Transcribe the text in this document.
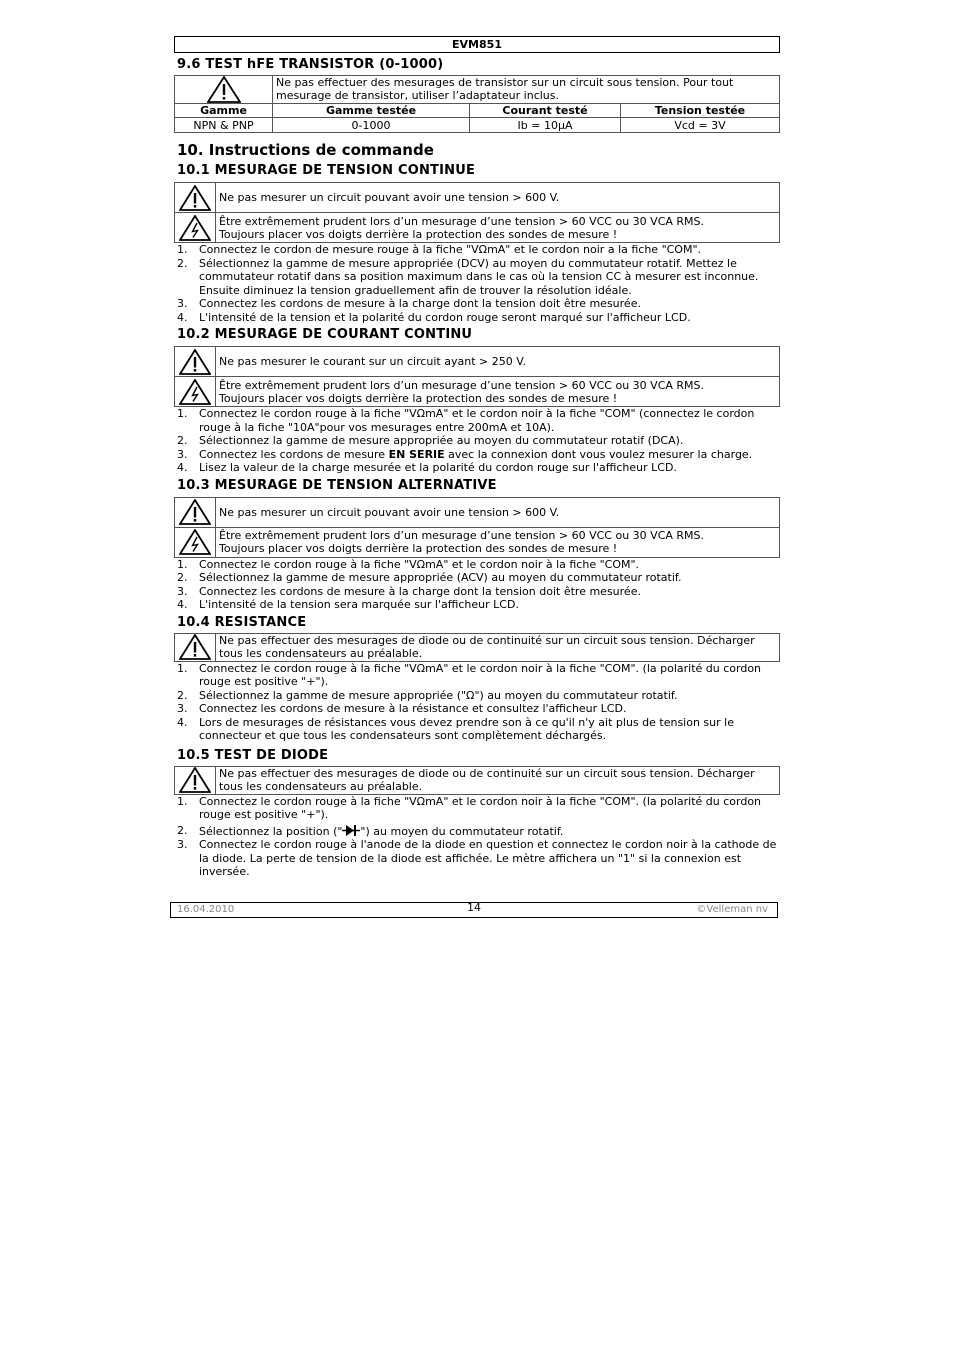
EVM851
9.6 TEST hFE TRANSISTOR (0-1000)
	Ne pas effectuer des mesurages de transistor sur un circuit sous tension. Pour tout mesurage de transistor, utiliser l’adaptateur inclus.		
Gamme	Gamme testée	Courant testé	Tension testée
NPN & PNP	0-1000	Ib = 10μA	Vcd = 3V
10. Instructions de commande
10.1 MESURAGE DE TENSION CONTINUE
	Ne pas mesurer un circuit pouvant avoir une tension > 600 V.

Être extrêmement prudent lors d’un mesurage d’une tension > 60 VCC ou 30 VCA RMS.
Toujours placer vos doigts derrière la protection des sondes de mesure !
1. Connectez le cordon de mesure rouge à la fiche "VΩmA" et le cordon noir a la fiche "COM".
2. Sélectionnez la gamme de mesure appropriée (DCV) au moyen du commutateur rotatif. Mettez le commutateur rotatif dans sa position maximum dans le cas où la tension CC à mesurer est inconnue. Ensuite diminuez la tension graduellement afin de trouver la résolution idéale.
3. Connectez les cordons de mesure à la charge dont la tension doit être mesurée.
4. L'intensité de la tension et la polarité du cordon rouge seront marqué sur l'afficheur LCD.
10.2 MESURAGE DE COURANT CONTINU
	Ne pas mesurer le courant sur un circuit ayant > 250 V.

Être extrêmement prudent lors d’un mesurage d’une tension > 60 VCC ou 30 VCA RMS.
Toujours placer vos doigts derrière la protection des sondes de mesure !
1. Connectez le cordon rouge à la fiche "VΩmA" et le cordon noir à la fiche "COM" (connectez le cordon rouge à la fiche "10A"pour vos mesurages entre 200mA et 10A).
2. Sélectionnez la gamme de mesure appropriée au moyen du commutateur rotatif (DCA).
3. Connectez les cordons de mesure EN SERIE avec la connexion dont vous voulez mesurer la charge.
4. Lisez la valeur de la charge mesurée et la polarité du cordon rouge sur l'afficheur LCD.
10.3 MESURAGE DE TENSION ALTERNATIVE
	Ne pas mesurer un circuit pouvant avoir une tension > 600 V.

Être extrêmement prudent lors d’un mesurage d’une tension > 60 VCC ou 30 VCA RMS.
Toujours placer vos doigts derrière la protection des sondes de mesure !
1. Connectez le cordon rouge à la fiche "VΩmA" et le cordon noir à la fiche "COM".
2. Sélectionnez la gamme de mesure appropriée (ACV) au moyen du commutateur rotatif.
3. Connectez les cordons de mesure à la charge dont la tension doit être mesurée.
4. L'intensité de la tension sera marquée sur l'afficheur LCD.
10.4 RESISTANCE
	Ne pas effectuer des mesurages de diode ou de continuité sur un circuit sous tension. Décharger tous les condensateurs au préalable.
1. Connectez le cordon rouge à la fiche "VΩmA" et le cordon noir à la fiche "COM". (la polarité du cordon rouge est positive "+").
2. Sélectionnez la gamme de mesure appropriée ("Ω") au moyen du commutateur rotatif.
3. Connectez les cordons de mesure à la résistance et consultez l'afficheur LCD.
4. Lors de mesurages de résistances vous devez prendre son à ce qu'il n'y ait plus de tension sur le connecteur et que tous les condensateurs sont complètement déchargés.
10.5 TEST DE DIODE
	Ne pas effectuer des mesurages de diode ou de continuité sur un circuit sous tension. Décharger tous les condensateurs au préalable.
1. Connectez le cordon rouge à la fiche "VΩmA" et le cordon noir à la fiche "COM". (la polarité du cordon rouge est positive "+").
2. Sélectionnez la position (" ") au moyen du commutateur rotatif.
3. Connectez le cordon rouge à l'anode de la diode en question et connectez le cordon noir à la cathode de la diode. La perte de tension de la diode est affichée. Le mètre affichera un "1" si la connexion est inversée.
16.04.2010	14	©Velleman nv
